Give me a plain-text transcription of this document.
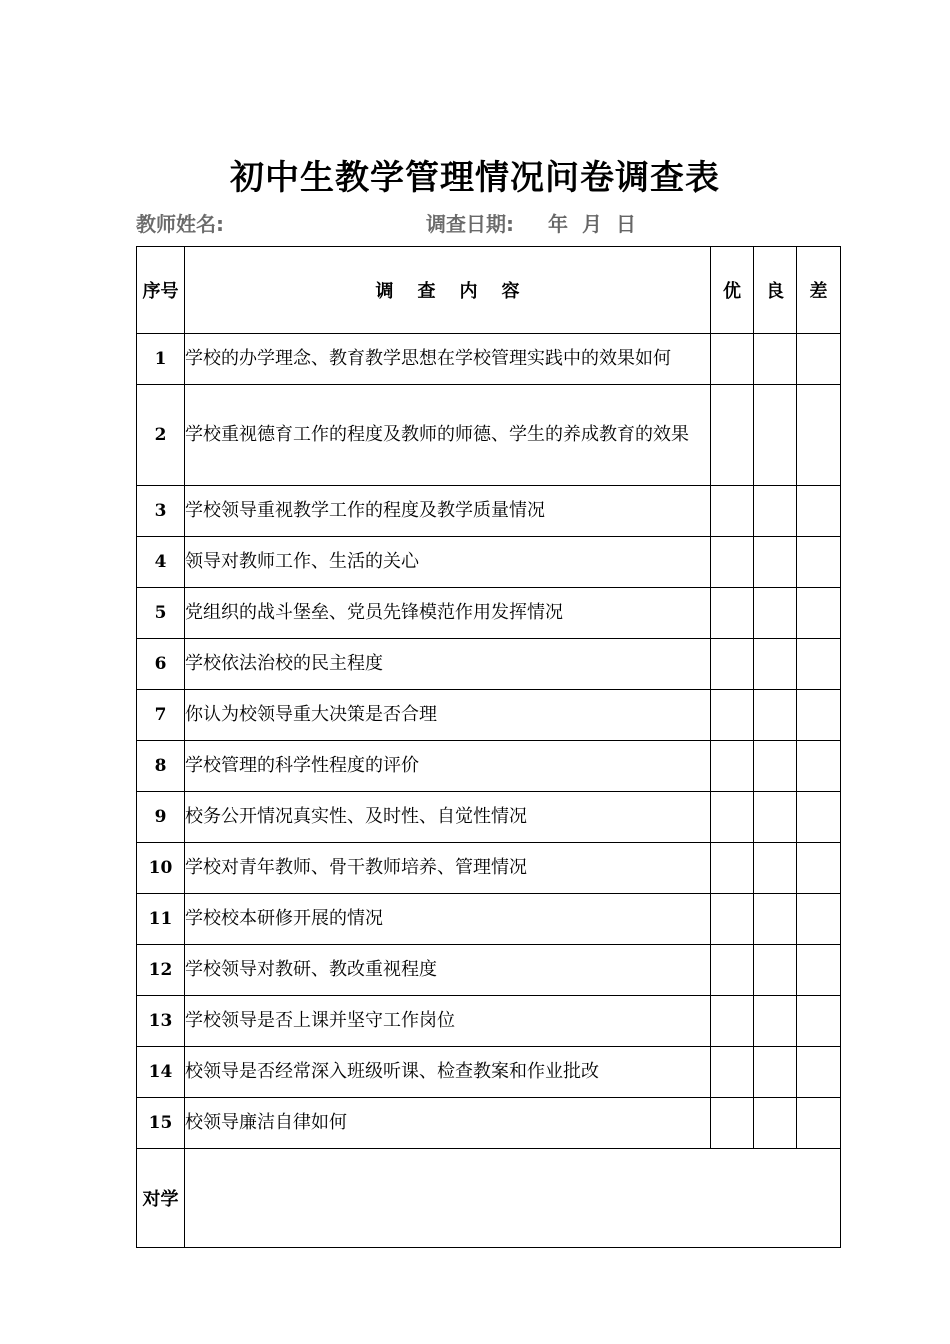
初中生教学管理情况问卷调查表
教师姓名:	调查日期: 年 月 日
序号	调查内容	优	良	差
1	学校的办学理念、教育教学思想在学校管理实践中的效果如何			
2	学校重视德育工作的程度及教师的师德、学生的养成教育的效果			
3	学校领导重视教学工作的程度及教学质量情况			
4	领导对教师工作、生活的关心			
5	党组织的战斗堡垒、党员先锋模范作用发挥情况			
6	学校依法治校的民主程度			
7	你认为校领导重大决策是否合理			
8	学校管理的科学性程度的评价			
9	校务公开情况真实性、及时性、自觉性情况			
10	学校对青年教师、骨干教师培养、管理情况			
11	学校校本研修开展的情况			
12	学校领导对教研、教改重视程度			
13	学校领导是否上课并坚守工作岗位			
14	校领导是否经常深入班级听课、检查教案和作业批改			
15	校领导廉洁自律如何			
对学				
